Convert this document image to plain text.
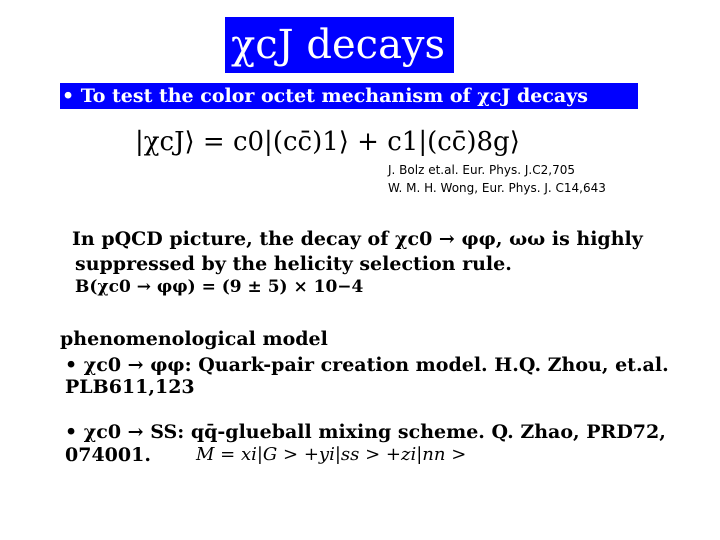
χcJ decays
• To test the color octet mechanism of χcJ decays
|χcJ⟩ = c0|(cc̄)1⟩ + c1|(cc̄)8g⟩
J. Bolz et.al. Eur. Phys. J.C2,705
W. M. H. Wong, Eur. Phys. J. C14,643
In pQCD picture, the decay of χc0 → φφ, ωω is highly
suppressed by the helicity selection rule.
B(χc0 → φφ) = (9 ± 5) × 10−4
phenomenological model
• χc0 → φφ: Quark-pair creation model. H.Q. Zhou, et.al.
PLB611,123
• χc0 → SS: qq̄-glueball mixing scheme. Q. Zhao, PRD72,
074001.	M = xi|G > +yi|ss > +zi|nn >
